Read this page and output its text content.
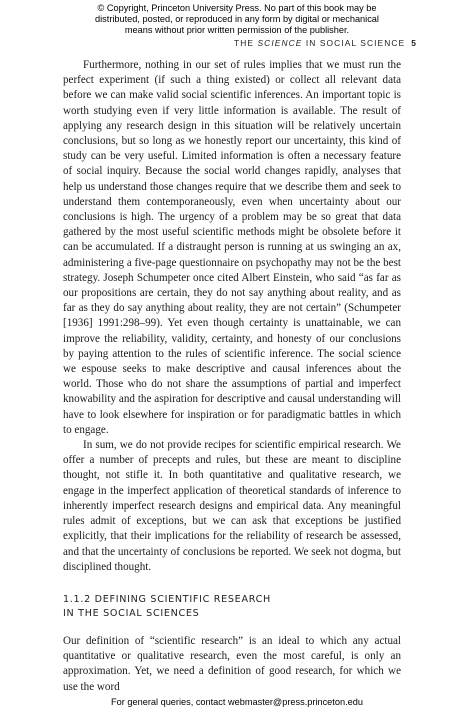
© Copyright, Princeton University Press. No part of this book may be
distributed, posted, or reproduced in any form by digital or mechanical
means without prior written permission of the publisher.
THE SCIENCE IN SOCIAL SCIENCE 5

Furthermore, nothing in our set of rules implies that we must run the perfect experiment (if such a thing existed) or collect all relevant data before we can make valid social scientific inferences. An important topic is worth studying even if very little information is available. The result of applying any research design in this situation will be relatively uncertain conclusions, but so long as we honestly report our uncertainty, this kind of study can be very useful. Limited information is often a necessary feature of social inquiry. Because the social world changes rapidly, analyses that help us understand those changes require that we describe them and seek to understand them contemporaneously, even when uncertainty about our conclusions is high. The urgency of a problem may be so great that data gathered by the most useful scientific methods might be obsolete before it can be accumulated. If a distraught person is running at us swinging an ax, administering a five-page questionnaire on psychopathy may not be the best strategy. Joseph Schumpeter once cited Albert Einstein, who said “as far as our propositions are certain, they do not say anything about reality, and as far as they do say anything about reality, they are not certain” (Schumpeter [1936] 1991:298–99). Yet even though certainty is unattainable, we can improve the reliability, validity, certainty, and honesty of our conclusions by paying attention to the rules of scientific inference. The social science we espouse seeks to make descriptive and causal inferences about the world. Those who do not share the assumptions of partial and imperfect knowability and the aspiration for descriptive and causal understanding will have to look elsewhere for inspiration or for paradigmatic battles in which to engage.

In sum, we do not provide recipes for scientific empirical research. We offer a number of precepts and rules, but these are meant to discipline thought, not stifle it. In both quantitative and qualitative research, we engage in the imperfect application of theoretical standards of inference to inherently imperfect research designs and empirical data. Any meaningful rules admit of exceptions, but we can ask that exceptions be justified explicitly, that their implications for the reliability of research be assessed, and that the uncertainty of conclusions be reported. We seek not dogma, but disciplined thought.

1.1.2 DEFINING SCIENTIFIC RESEARCH
IN THE SOCIAL SCIENCES

Our definition of “scientific research” is an ideal to which any actual quantitative or qualitative research, even the most careful, is only an approximation. Yet, we need a definition of good research, for which we use the word

For general queries, contact webmaster@press.princeton.edu
